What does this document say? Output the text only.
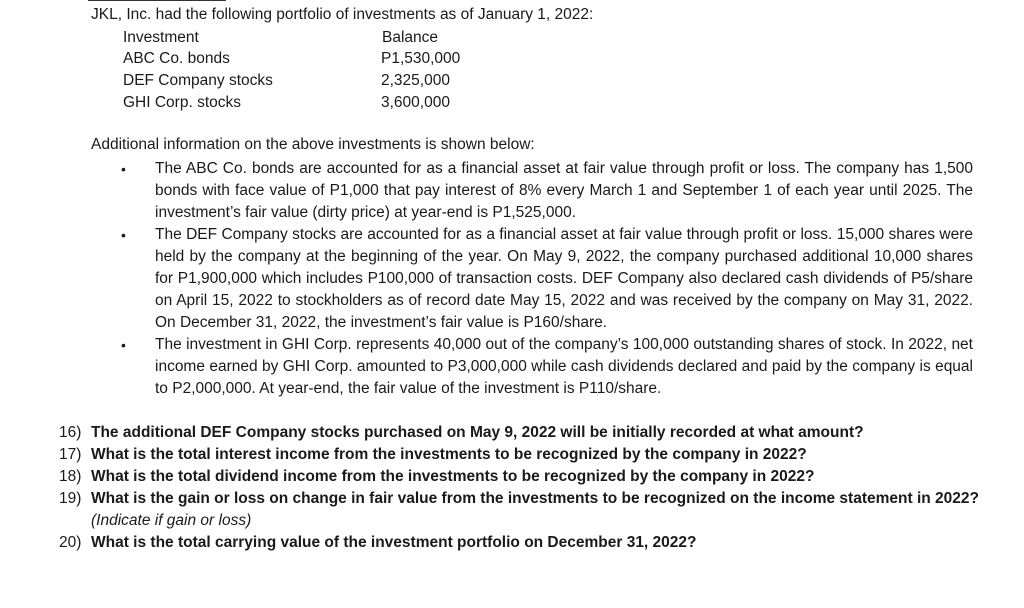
JKL, Inc. had the following portfolio of investments as of January 1, 2022:
Investment	Balance
ABC Co. bonds	P1,530,000
DEF Company stocks	2,325,000
GHI Corp. stocks	3,600,000
Additional information on the above investments is shown below:
• The ABC Co. bonds are accounted for as a financial asset at fair value through profit or loss. The company has 1,500 bonds with face value of P1,000 that pay interest of 8% every March 1 and September 1 of each year until 2025. The investment’s fair value (dirty price) at year-end is P1,525,000.
• The DEF Company stocks are accounted for as a financial asset at fair value through profit or loss. 15,000 shares were held by the company at the beginning of the year. On May 9, 2022, the company purchased additional 10,000 shares for P1,900,000 which includes P100,000 of transaction costs. DEF Company also declared cash dividends of P5/share on April 15, 2022 to stockholders as of record date May 15, 2022 and was received by the company on May 31, 2022. On December 31, 2022, the investment’s fair value is P160/share.
• The investment in GHI Corp. represents 40,000 out of the company’s 100,000 outstanding shares of stock. In 2022, net income earned by GHI Corp. amounted to P3,000,000 while cash dividends declared and paid by the company is equal to P2,000,000. At year-end, the fair value of the investment is P110/share.
16) The additional DEF Company stocks purchased on May 9, 2022 will be initially recorded at what amount?
17) What is the total interest income from the investments to be recognized by the company in 2022?
18) What is the total dividend income from the investments to be recognized by the company in 2022?
19) What is the gain or loss on change in fair value from the investments to be recognized on the income statement in 2022?
(Indicate if gain or loss)
20) What is the total carrying value of the investment portfolio on December 31, 2022?
